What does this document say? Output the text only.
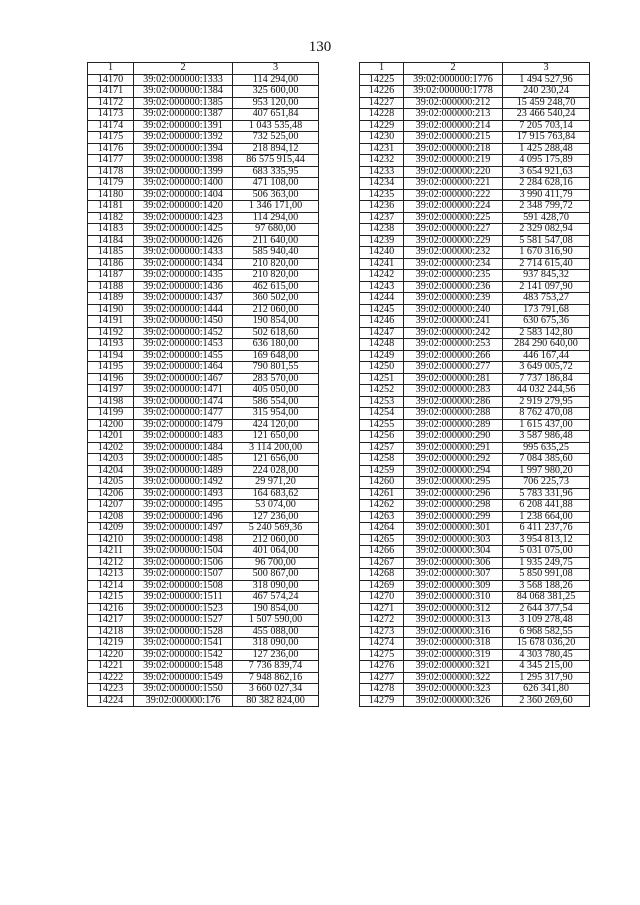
130
1	2	3
14170	39:02:000000:1333	114 294,00
14171	39:02:000000:1384	325 600,00
14172	39:02:000000:1385	953 120,00
14173	39:02:000000:1387	407 651,84
14174	39:02:000000:1391	1 043 535,48
14175	39:02:000000:1392	732 525,00
14176	39:02:000000:1394	218 894,12
14177	39:02:000000:1398	86 575 915,44
14178	39:02:000000:1399	683 335,95
14179	39:02:000000:1400	471 108,00
14180	39:02:000000:1404	506 363,00
14181	39:02:000000:1420	1 346 171,00
14182	39:02:000000:1423	114 294,00
14183	39:02:000000:1425	97 680,00
14184	39:02:000000:1426	211 640,00
14185	39:02:000000:1433	585 940,40
14186	39:02:000000:1434	210 820,00
14187	39:02:000000:1435	210 820,00
14188	39:02:000000:1436	462 615,00
14189	39:02:000000:1437	360 502,00
14190	39:02:000000:1444	212 060,00
14191	39:02:000000:1450	190 854,00
14192	39:02:000000:1452	502 618,60
14193	39:02:000000:1453	636 180,00
14194	39:02:000000:1455	169 648,00
14195	39:02:000000:1464	790 801,55
14196	39:02:000000:1467	283 570,00
14197	39:02:000000:1471	405 050,00
14198	39:02:000000:1474	586 554,00
14199	39:02:000000:1477	315 954,00
14200	39:02:000000:1479	424 120,00
14201	39:02:000000:1483	121 650,00
14202	39:02:000000:1484	3 114 200,00
14203	39:02:000000:1485	121 656,00
14204	39:02:000000:1489	224 028,00
14205	39:02:000000:1492	29 971,20
14206	39:02:000000:1493	164 683,62
14207	39:02:000000:1495	53 074,00
14208	39:02:000000:1496	127 236,00
14209	39:02:000000:1497	5 240 569,36
14210	39:02:000000:1498	212 060,00
14211	39:02:000000:1504	401 064,00
14212	39:02:000000:1506	96 700,00
14213	39:02:000000:1507	500 867,00
14214	39:02:000000:1508	318 090,00
14215	39:02:000000:1511	467 574,24
14216	39:02:000000:1523	190 854,00
14217	39:02:000000:1527	1 507 590,00
14218	39:02:000000:1528	455 088,00
14219	39:02:000000:1541	318 090,00
14220	39:02:000000:1542	127 236,00
14221	39:02:000000:1548	7 736 839,74
14222	39:02:000000:1549	7 948 862,16
14223	39:02:000000:1550	3 660 027,34
14224	39:02:000000:176	80 382 824,00
1	2	3
14225	39:02:000000:1776	1 494 527,96
14226	39:02:000000:1778	240 230,24
14227	39:02:000000:212	15 459 248,70
14228	39:02:000000:213	23 466 540,24
14229	39:02:000000:214	7 205 703,14
14230	39:02:000000:215	17 915 763,84
14231	39:02:000000:218	1 425 288,48
14232	39:02:000000:219	4 095 175,89
14233	39:02:000000:220	3 654 921,63
14234	39:02:000000:221	2 284 628,16
14235	39:02:000000:222	3 990 411,79
14236	39:02:000000:224	2 348 799,72
14237	39:02:000000:225	591 428,70
14238	39:02:000000:227	2 329 082,94
14239	39:02:000000:229	5 581 547,08
14240	39:02:000000:232	1 670 316,90
14241	39:02:000000:234	2 714 615,40
14242	39:02:000000:235	937 845,32
14243	39:02:000000:236	2 141 097,90
14244	39:02:000000:239	483 753,27
14245	39:02:000000:240	173 791,68
14246	39:02:000000:241	630 675,36
14247	39:02:000000:242	2 583 142,80
14248	39:02:000000:253	284 290 640,00
14249	39:02:000000:266	446 167,44
14250	39:02:000000:277	3 649 005,72
14251	39:02:000000:281	7 737 186,84
14252	39:02:000000:283	44 032 244,56
14253	39:02:000000:286	2 919 279,95
14254	39:02:000000:288	8 762 470,08
14255	39:02:000000:289	1 615 437,00
14256	39:02:000000:290	3 587 986,48
14257	39:02:000000:291	995 635,25
14258	39:02:000000:292	7 084 385,60
14259	39:02:000000:294	1 997 980,20
14260	39:02:000000:295	706 225,73
14261	39:02:000000:296	5 783 331,96
14262	39:02:000000:298	6 208 441,88
14263	39:02:000000:299	1 238 664,00
14264	39:02:000000:301	6 411 237,76
14265	39:02:000000:303	3 954 813,12
14266	39:02:000000:304	5 031 075,00
14267	39:02:000000:306	1 935 249,75
14268	39:02:000000:307	5 850 991,08
14269	39:02:000000:309	3 568 188,26
14270	39:02:000000:310	84 068 381,25
14271	39:02:000000:312	2 644 377,54
14272	39:02:000000:313	3 109 278,48
14273	39:02:000000:316	6 968 582,55
14274	39:02:000000:318	15 678 036,20
14275	39:02:000000:319	4 303 780,45
14276	39:02:000000:321	4 345 215,00
14277	39:02:000000:322	1 295 317,90
14278	39:02:000000:323	626 341,80
14279	39:02:000000:326	2 360 269,60
